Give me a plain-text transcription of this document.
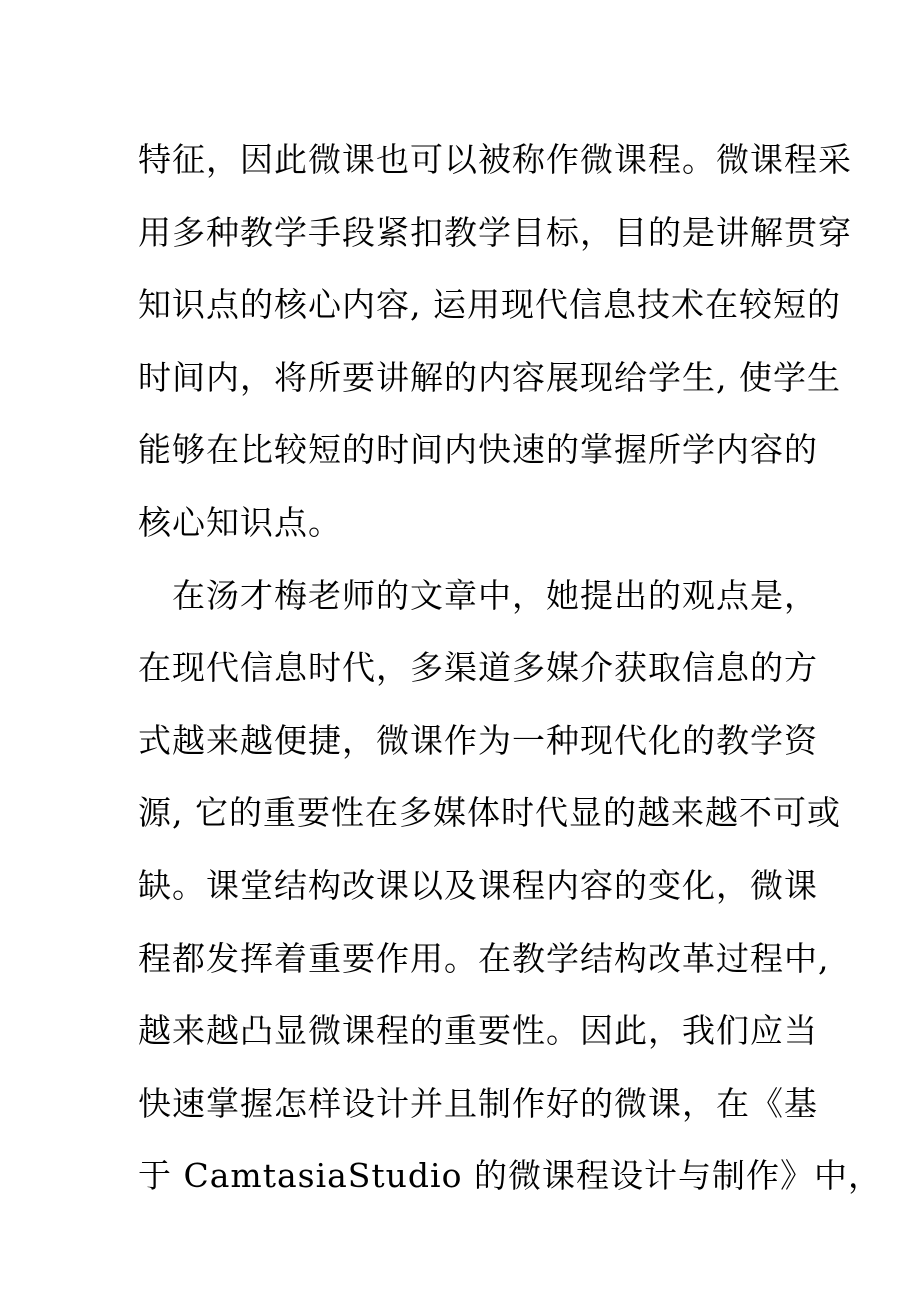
特征，因此微课也可以被称作微课程。微课程采
用多种教学手段紧扣教学目标，目的是讲解贯穿
知识点的核心内容, 运用现代信息技术在较短的
时间内，将所要讲解的内容展现给学生, 使学生
能够在比较短的时间内快速的掌握所学内容的
核心知识点。
在汤才梅老师的文章中，她提出的观点是，
在现代信息时代，多渠道多媒介获取信息的方
式越来越便捷，微课作为一种现代化的教学资
源, 它的重要性在多媒体时代显的越来越不可或
缺。课堂结构改课以及课程内容的变化，微课
程都发挥着重要作用。在教学结构改革过程中,
越来越凸显微课程的重要性。因此，我们应当
快速掌握怎样设计并且制作好的微课，在《基
于 CamtasiaStudio 的微课程设计与制作》中，
